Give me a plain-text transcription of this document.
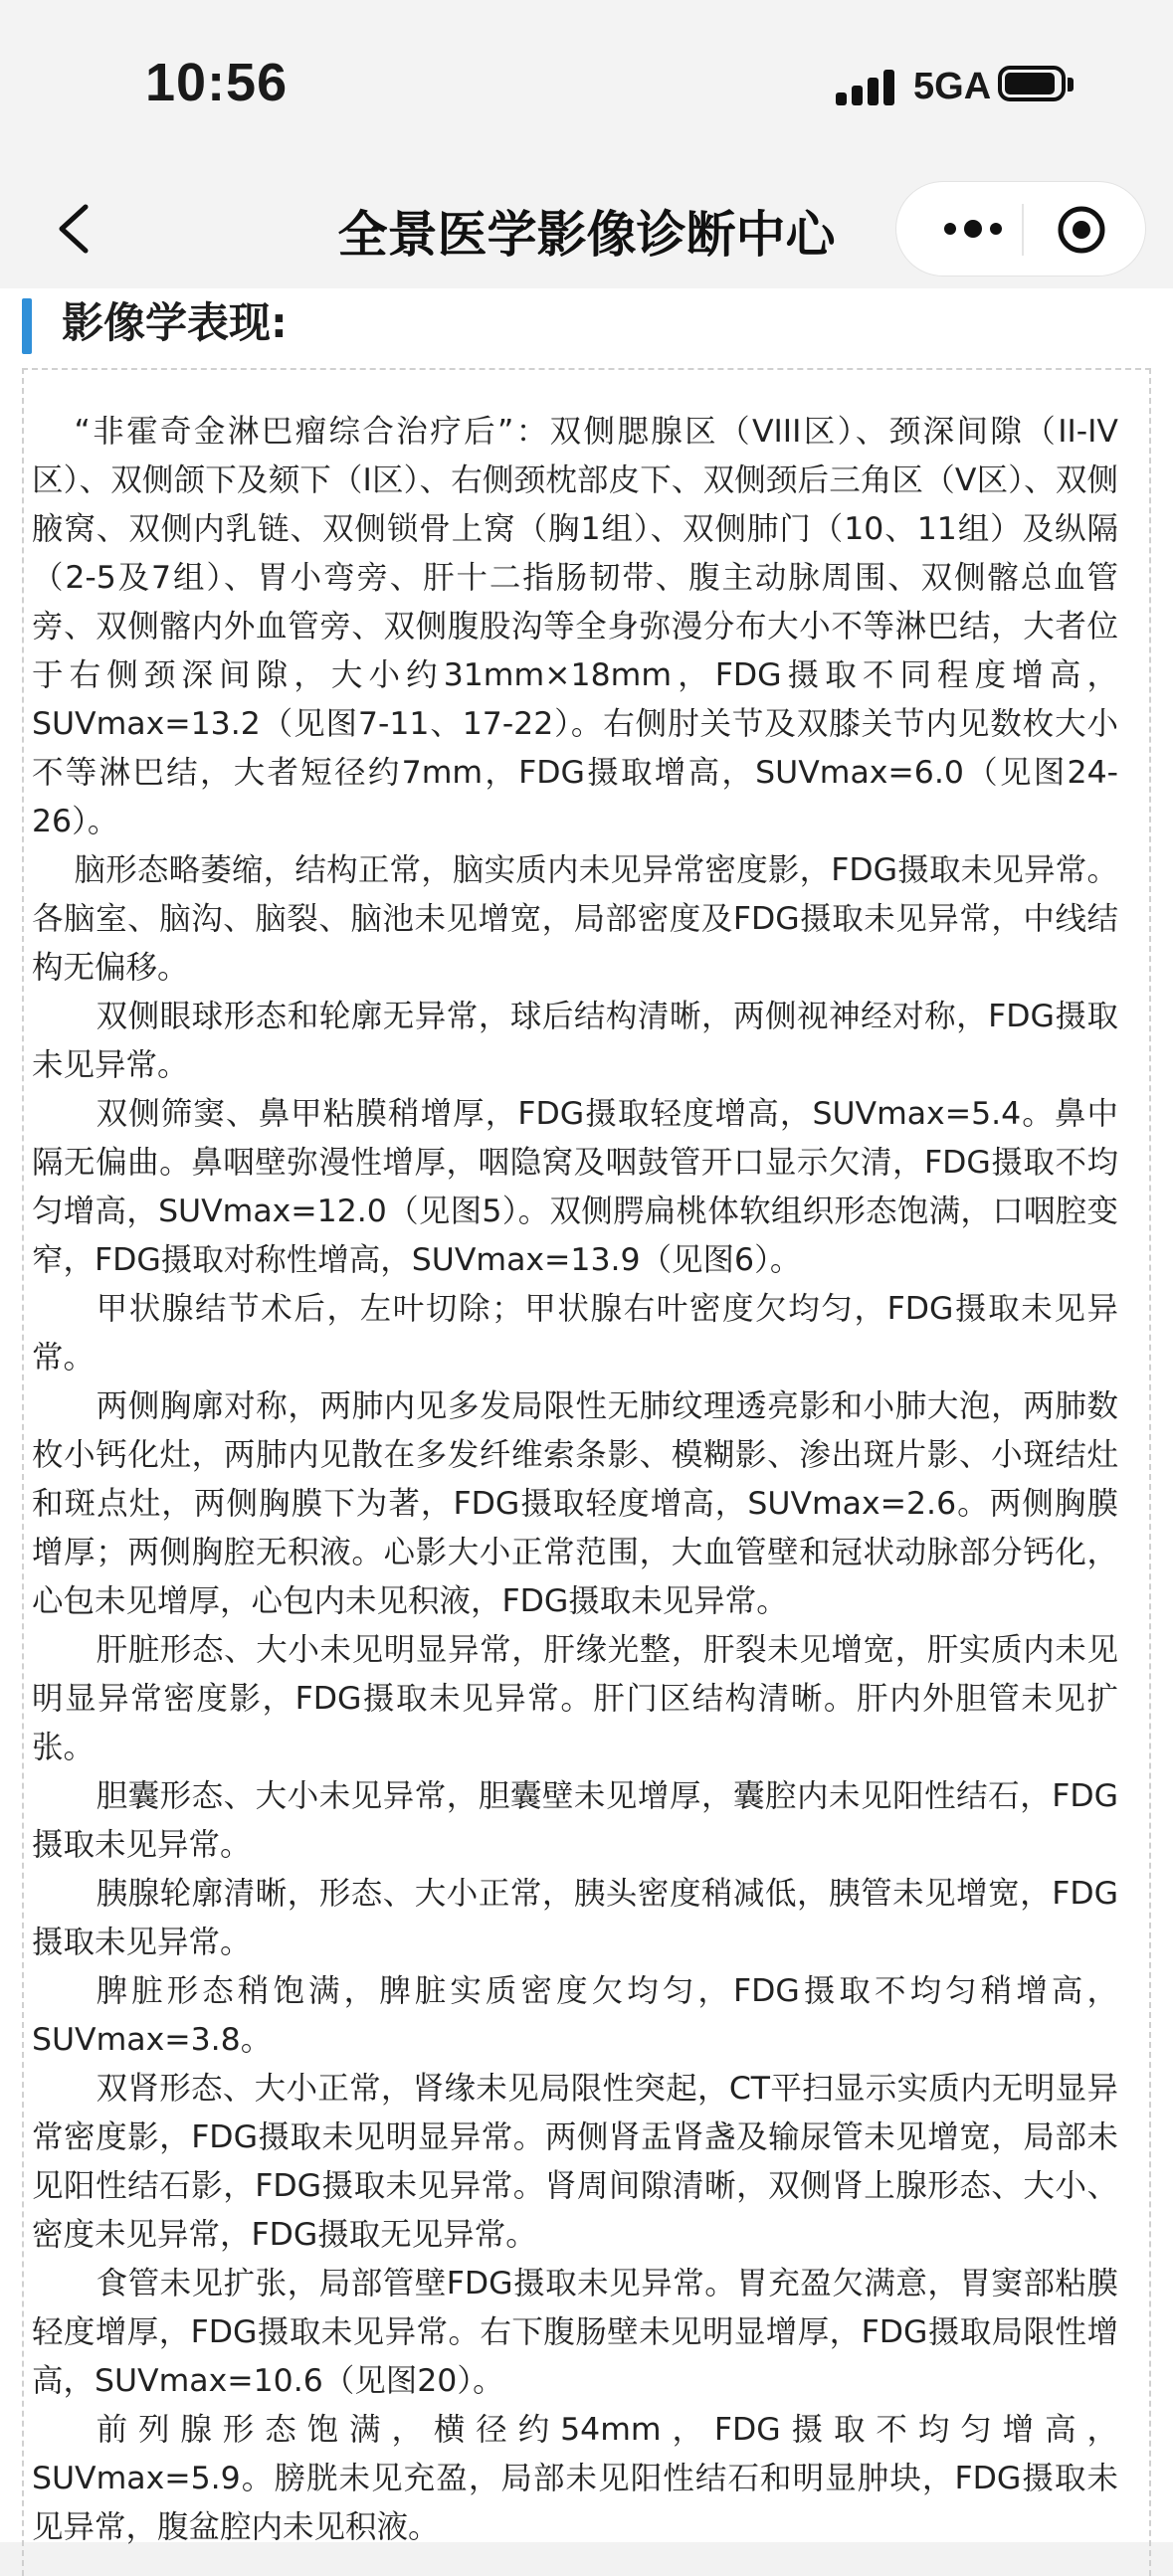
10:56	5GA
全景医学影像诊断中心
影像学表现:

“非霍奇金淋巴瘤综合治疗后”：双侧腮腺区（VIII区）、颈深间隙（II-IV区）、双侧颌下及颏下（I区）、右侧颈枕部皮下、双侧颈后三角区（V区）、双侧腋窝、双侧内乳链、双侧锁骨上窝（胸1组）、双侧肺门（10、11组）及纵隔（2-5及7组）、胃小弯旁、肝十二指肠韧带、腹主动脉周围、双侧髂总血管旁、双侧髂内外血管旁、双侧腹股沟等全身弥漫分布大小不等淋巴结，大者位于右侧颈深间隙，大小约31mm×18mm，FDG摄取不同程度增高，SUVmax=13.2（见图7-11、17-22）。右侧肘关节及双膝关节内见数枚大小不等淋巴结，大者短径约7mm，FDG摄取增高，SUVmax=6.0（见图24-26）。

脑形态略萎缩，结构正常，脑实质内未见异常密度影，FDG摄取未见异常。各脑室、脑沟、脑裂、脑池未见增宽，局部密度及FDG摄取未见异常，中线结构无偏移。

双侧眼球形态和轮廓无异常，球后结构清晰，两侧视神经对称，FDG摄取未见异常。

双侧筛窦、鼻甲粘膜稍增厚，FDG摄取轻度增高，SUVmax=5.4。鼻中隔无偏曲。鼻咽壁弥漫性增厚，咽隐窝及咽鼓管开口显示欠清，FDG摄取不均匀增高，SUVmax=12.0（见图5）。双侧腭扁桃体软组织形态饱满，口咽腔变窄，FDG摄取对称性增高，SUVmax=13.9（见图6）。

甲状腺结节术后，左叶切除；甲状腺右叶密度欠均匀，FDG摄取未见异常。

两侧胸廓对称，两肺内见多发局限性无肺纹理透亮影和小肺大泡，两肺数枚小钙化灶，两肺内见散在多发纤维索条影、模糊影、渗出斑片影、小斑结灶和斑点灶，两侧胸膜下为著，FDG摄取轻度增高，SUVmax=2.6。两侧胸膜增厚；两侧胸腔无积液。心影大小正常范围，大血管壁和冠状动脉部分钙化，心包未见增厚，心包内未见积液，FDG摄取未见异常。

肝脏形态、大小未见明显异常，肝缘光整，肝裂未见增宽，肝实质内未见明显异常密度影，FDG摄取未见异常。肝门区结构清晰。肝内外胆管未见扩张。

胆囊形态、大小未见异常，胆囊壁未见增厚，囊腔内未见阳性结石，FDG摄取未见异常。

胰腺轮廓清晰，形态、大小正常，胰头密度稍减低，胰管未见增宽，FDG摄取未见异常。

脾脏形态稍饱满，脾脏实质密度欠均匀，FDG摄取不均匀稍增高，SUVmax=3.8。

双肾形态、大小正常，肾缘未见局限性突起，CT平扫显示实质内无明显异常密度影，FDG摄取未见明显异常。两侧肾盂肾盏及输尿管未见增宽，局部未见阳性结石影，FDG摄取未见异常。肾周间隙清晰，双侧肾上腺形态、大小、密度未见异常，FDG摄取无见异常。

食管未见扩张，局部管壁FDG摄取未见异常。胃充盈欠满意，胃窦部粘膜轻度增厚，FDG摄取未见异常。右下腹肠壁未见明显增厚，FDG摄取局限性增高，SUVmax=10.6（见图20）。

前列腺形态饱满，横径约54mm，FDG摄取不均匀增高，SUVmax=5.9。膀胱未见充盈，局部未见阳性结石和明显肿块，FDG摄取未见异常，腹盆腔内未见积液。
